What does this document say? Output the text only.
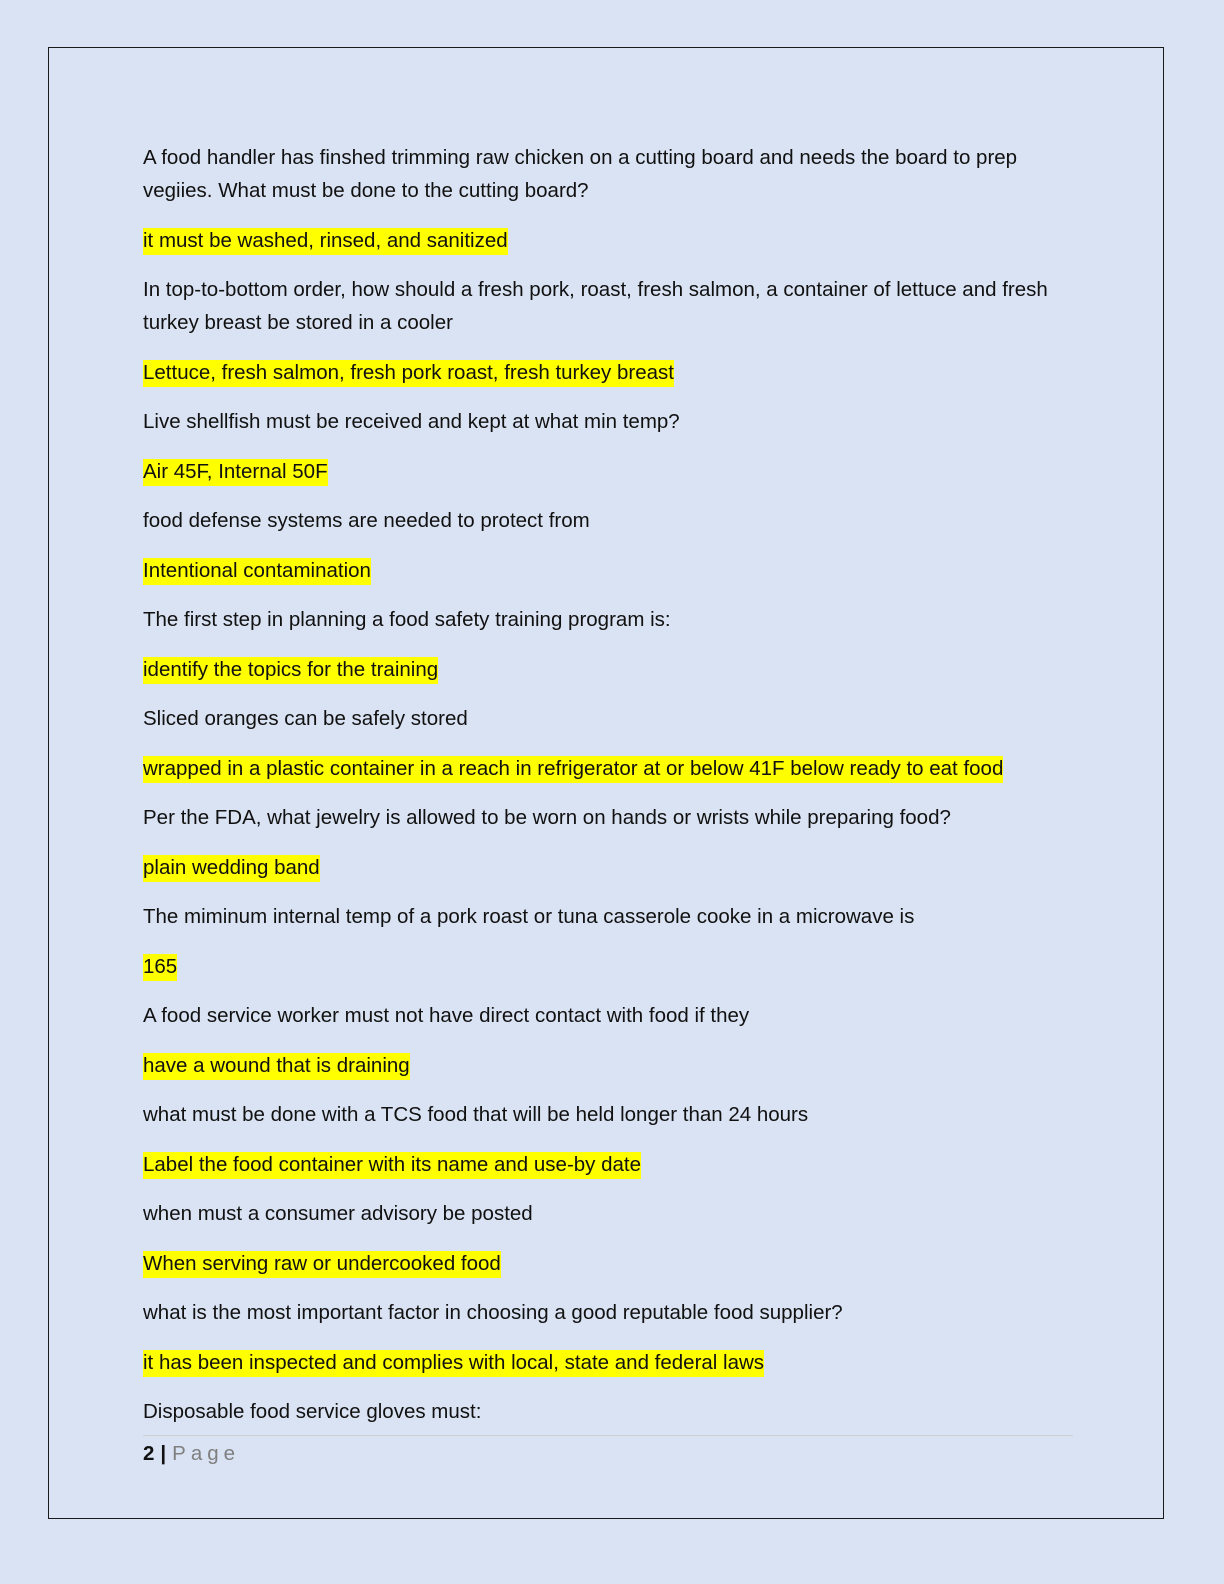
A food handler has finshed trimming raw chicken on a cutting board and needs the board to prep vegiies. What must be done to the cutting board?

it must be washed, rinsed, and sanitized

In top-to-bottom order, how should a fresh pork, roast, fresh salmon, a container of lettuce and fresh turkey breast be stored in a cooler

Lettuce, fresh salmon, fresh pork roast, fresh turkey breast

Live shellfish must be received and kept at what min temp?

Air 45F, Internal 50F

food defense systems are needed to protect from

Intentional contamination

The first step in planning a food safety training program is:

identify the topics for the training

Sliced oranges can be safely stored

wrapped in a plastic container in a reach in refrigerator at or below 41F below ready to eat food

Per the FDA, what jewelry is allowed to be worn on hands or wrists while preparing food?

plain wedding band

The miminum internal temp of a pork roast or tuna casserole cooke in a microwave is

165

A food service worker must not have direct contact with food if they

have a wound that is draining

what must be done with a TCS food that will be held longer than 24 hours

Label the food container with its name and use-by date

when must a consumer advisory be posted

When serving raw or undercooked food

what is the most important factor in choosing a good reputable food supplier?

it has been inspected and complies with local, state and federal laws

Disposable food service gloves must:

2 | Page
